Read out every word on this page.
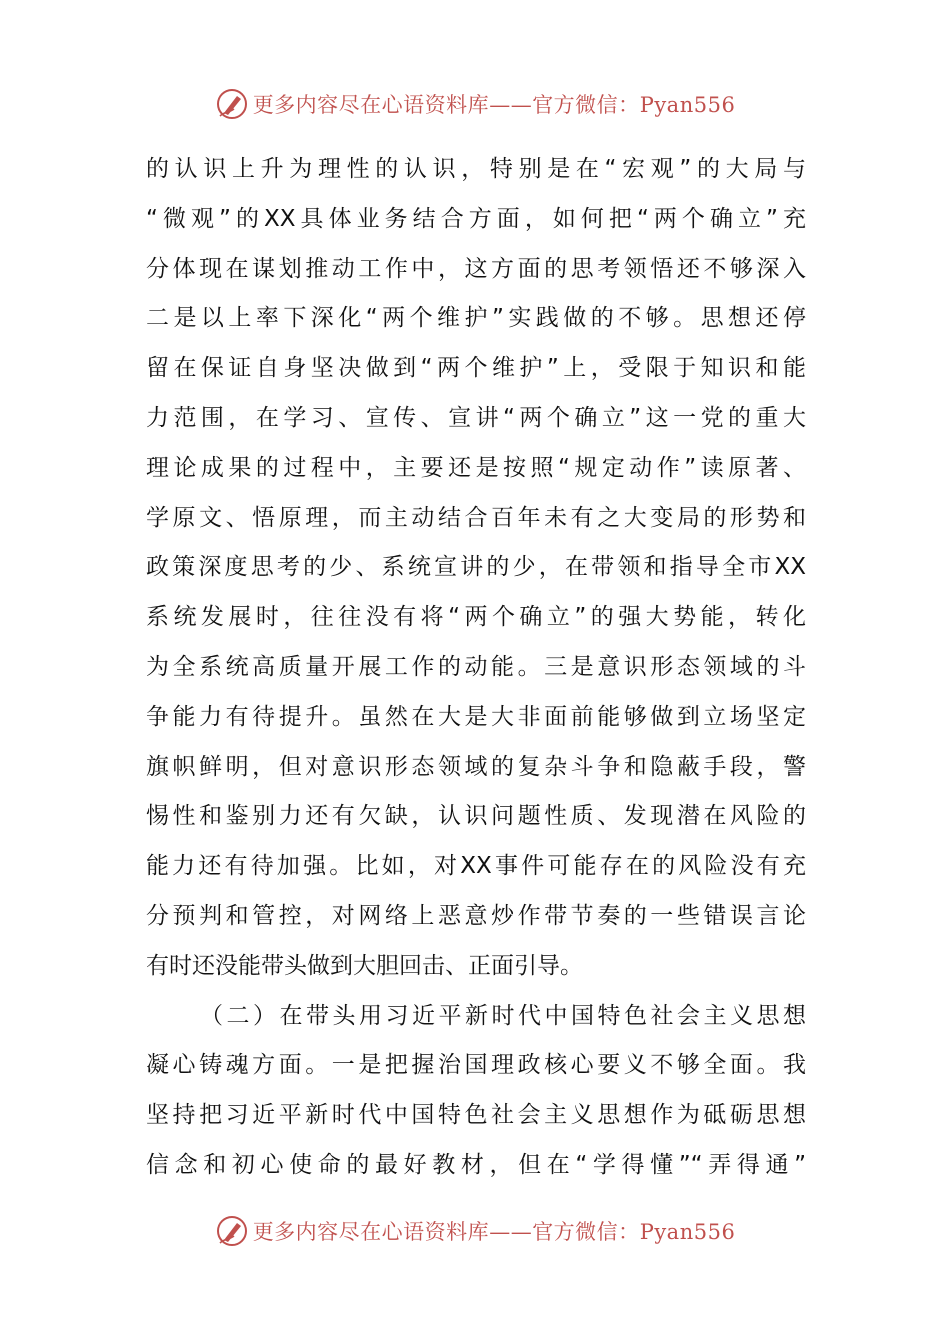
更多内容尽在心语资料库——官方微信：Pyan556
的认识上升为理性的认识，特别是在“宏观”的大局与
“微观”的XX具体业务结合方面，如何把“两个确立”充
分体现在谋划推动工作中，这方面的思考领悟还不够深入
二是以上率下深化“两个维护”实践做的不够。思想还停
留在保证自身坚决做到“两个维护”上，受限于知识和能
力范围，在学习、宣传、宣讲“两个确立”这一党的重大
理论成果的过程中，主要还是按照“规定动作”读原著、
学原文、悟原理，而主动结合百年未有之大变局的形势和
政策深度思考的少、系统宣讲的少，在带领和指导全市XX
系统发展时，往往没有将“两个确立”的强大势能，转化
为全系统高质量开展工作的动能。三是意识形态领域的斗
争能力有待提升。虽然在大是大非面前能够做到立场坚定
旗帜鲜明，但对意识形态领域的复杂斗争和隐蔽手段，警
惕性和鉴别力还有欠缺，认识问题性质、发现潜在风险的
能力还有待加强。比如，对XX事件可能存在的风险没有充
分预判和管控，对网络上恶意炒作带节奏的一些错误言论
有时还没能带头做到大胆回击、正面引导。
（二）在带头用习近平新时代中国特色社会主义思想
凝心铸魂方面。一是把握治国理政核心要义不够全面。我
坚持把习近平新时代中国特色社会主义思想作为砥砺思想
信念和初心使命的最好教材，但在“学得懂”“弄得通”
更多内容尽在心语资料库——官方微信：Pyan556
